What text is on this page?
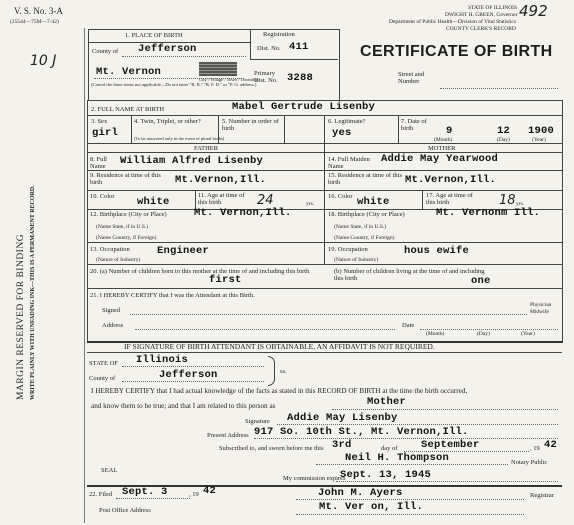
V. S. No. 3-A
(25544—75M—7-42)
10 J
MARGIN RESERVED FOR BINDING WRITE PLAINLY WITH UNFADING INK—THIS IS A PERMANENT RECORD.
492
STATE OF ILLINOIS
DWIGHT H. GREEN, Governor
Department of Public Health—Division of Vital Statistics
COUNTY CLERK'S RECORD
CERTIFICATE OF BIRTH
1. PLACE OF BIRTH	Registration
Dist. No. 411
County of Jefferson
Mt. Vernon
City / Village / Town / Township
(Cancel the three terms not applicable—Do not enter "R. R." "R. F. D." or "P. O. address.)
Primary Dist. No. 3288	Street and Number
2. FULL NAME AT BIRTH	Mabel Gertrude Lisenby
3. Sex
girl
4. Twin, Triplet, or other?
(To be answered only in the event of plural births)
5. Number in order of birth
6. Legitimate?
yes
7. Date of birth	9	12 1900
(Month)	(Day)	(Year)
FATHER	MOTHER
8. Full Name	William Alfred Lisenby
9. Residence at time of this birth	Mt.Vernon,Ill.
10. Color white
11. Age at time of this birth	24	yrs.
12. Birthplace (City or Place)	Mt. Vernon,Ill.
(Name State, if in U.S.)
(Name Country, if Foreign)
13. Occupation	Engineer
(Nature of Industry)
14. Full Maiden Name
Addie May Yearwood
15. Residence at time of this birth	Mt.Vernon,Ill.
16. Color white
17. Age at time of this birth	18 yrs.
18. Birthplace (City or Place)	Mt. Vernonm Ill.
(Name State, if in U.S.)
(Name Country, if Foreign)
19. Occupation	hous ewife
(Nature of Industry)
20. (a) Number of children born to this mother at the time of and including this birth
first
(b) Number of children living at the time of and including this birth	one
21. I HEREBY CERTIFY that I was the Attendant at this Birth.
Signed
Physician
Midwife
Address	Date
(Month)	(Day)	(Year)
IF SIGNATURE OF BIRTH ATTENDANT IS OBTAINABLE, AN AFFIDAVIT IS NOT REQUIRED.
STATE OF Illinois
ss.
County of	Jefferson
I HEREBY CERTIFY that I had actual knowledge of the facts as stated in this RECORD OF BIRTH at the time the birth occurred,
and know them to be true; and that I am related to this person as	Mother
Signature Addie May Lisenby
Present Address 917 So. 10th St., Mt. Vernon,Ill.
Subscribed to, and sworn before me this 3rd	day of September	, 19 42
Neil H. Thompson	Notary Public
SEAL
My commission expires
Sept. 13, 1945
22. Filed Sept. 3	, 19 42	John M. Ayers	Registrar
Post Office Address	Mt. Ver on, Ill.
